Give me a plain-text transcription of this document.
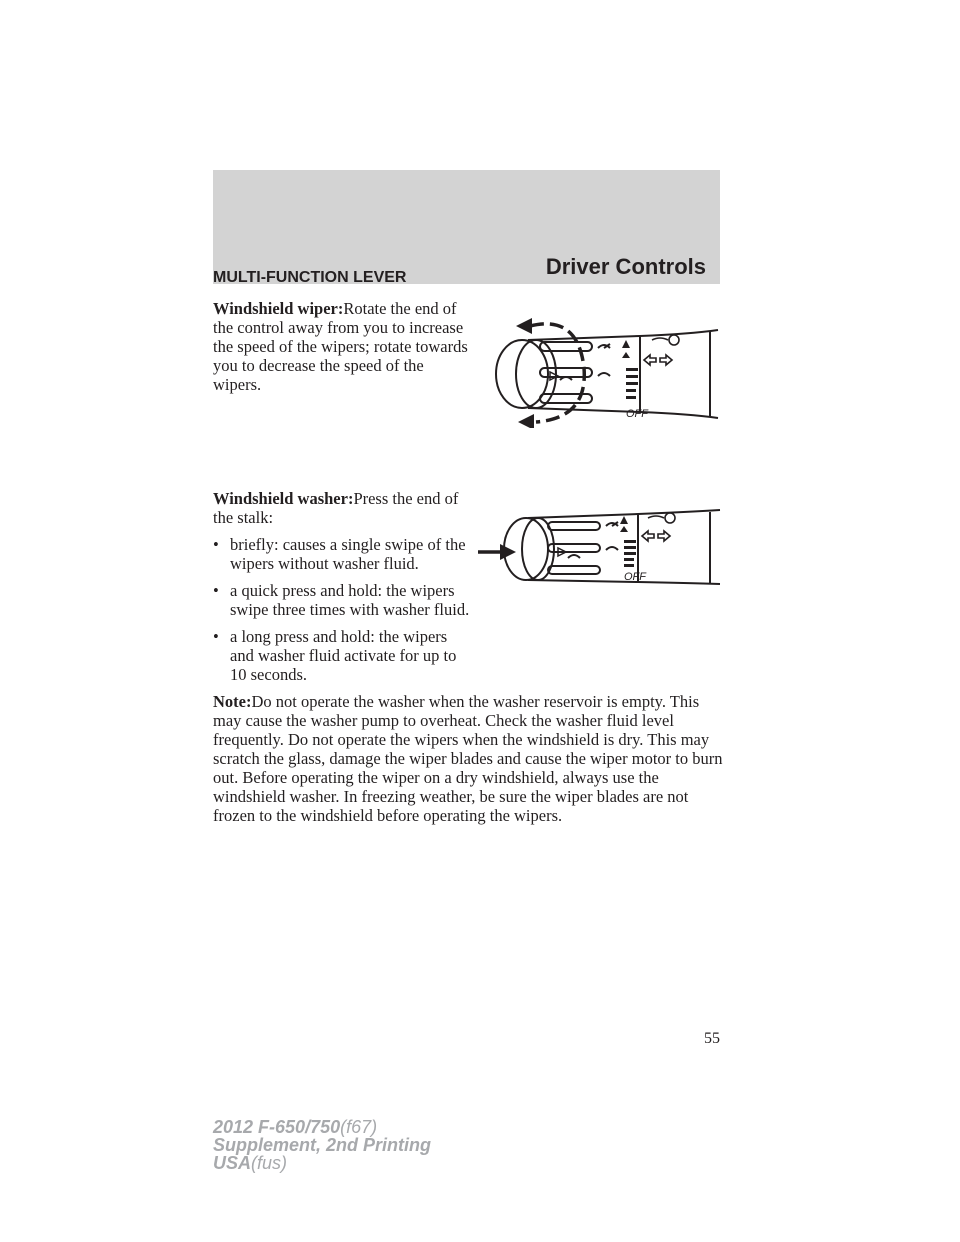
Driver Controls
MULTI-FUNCTION LEVER

Windshield wiper:Rotate the end of the control away from you to increase the speed of the wipers; rotate towards you to decrease the speed of the wipers.

Windshield washer:Press the end of the stalk:

• briefly: causes a single swipe of the wipers without washer fluid.
• a quick press and hold: the wipers swipe three times with washer fluid.
• a long press and hold: the wipers and washer fluid activate for up to 10 seconds.

Note:Do not operate the washer when the washer reservoir is empty. This may cause the washer pump to overheat. Check the washer fluid level frequently. Do not operate the wipers when the windshield is dry. This may scratch the glass, damage the wiper blades and cause the wiper motor to burn out. Before operating the wiper on a dry windshield, always use the windshield washer. In freezing weather, be sure the wiper blades are not frozen to the windshield before operating the wipers.

OFF
OFF
55
2012 F-650/750(f67)
Supplement, 2nd Printing
USA(fus)
